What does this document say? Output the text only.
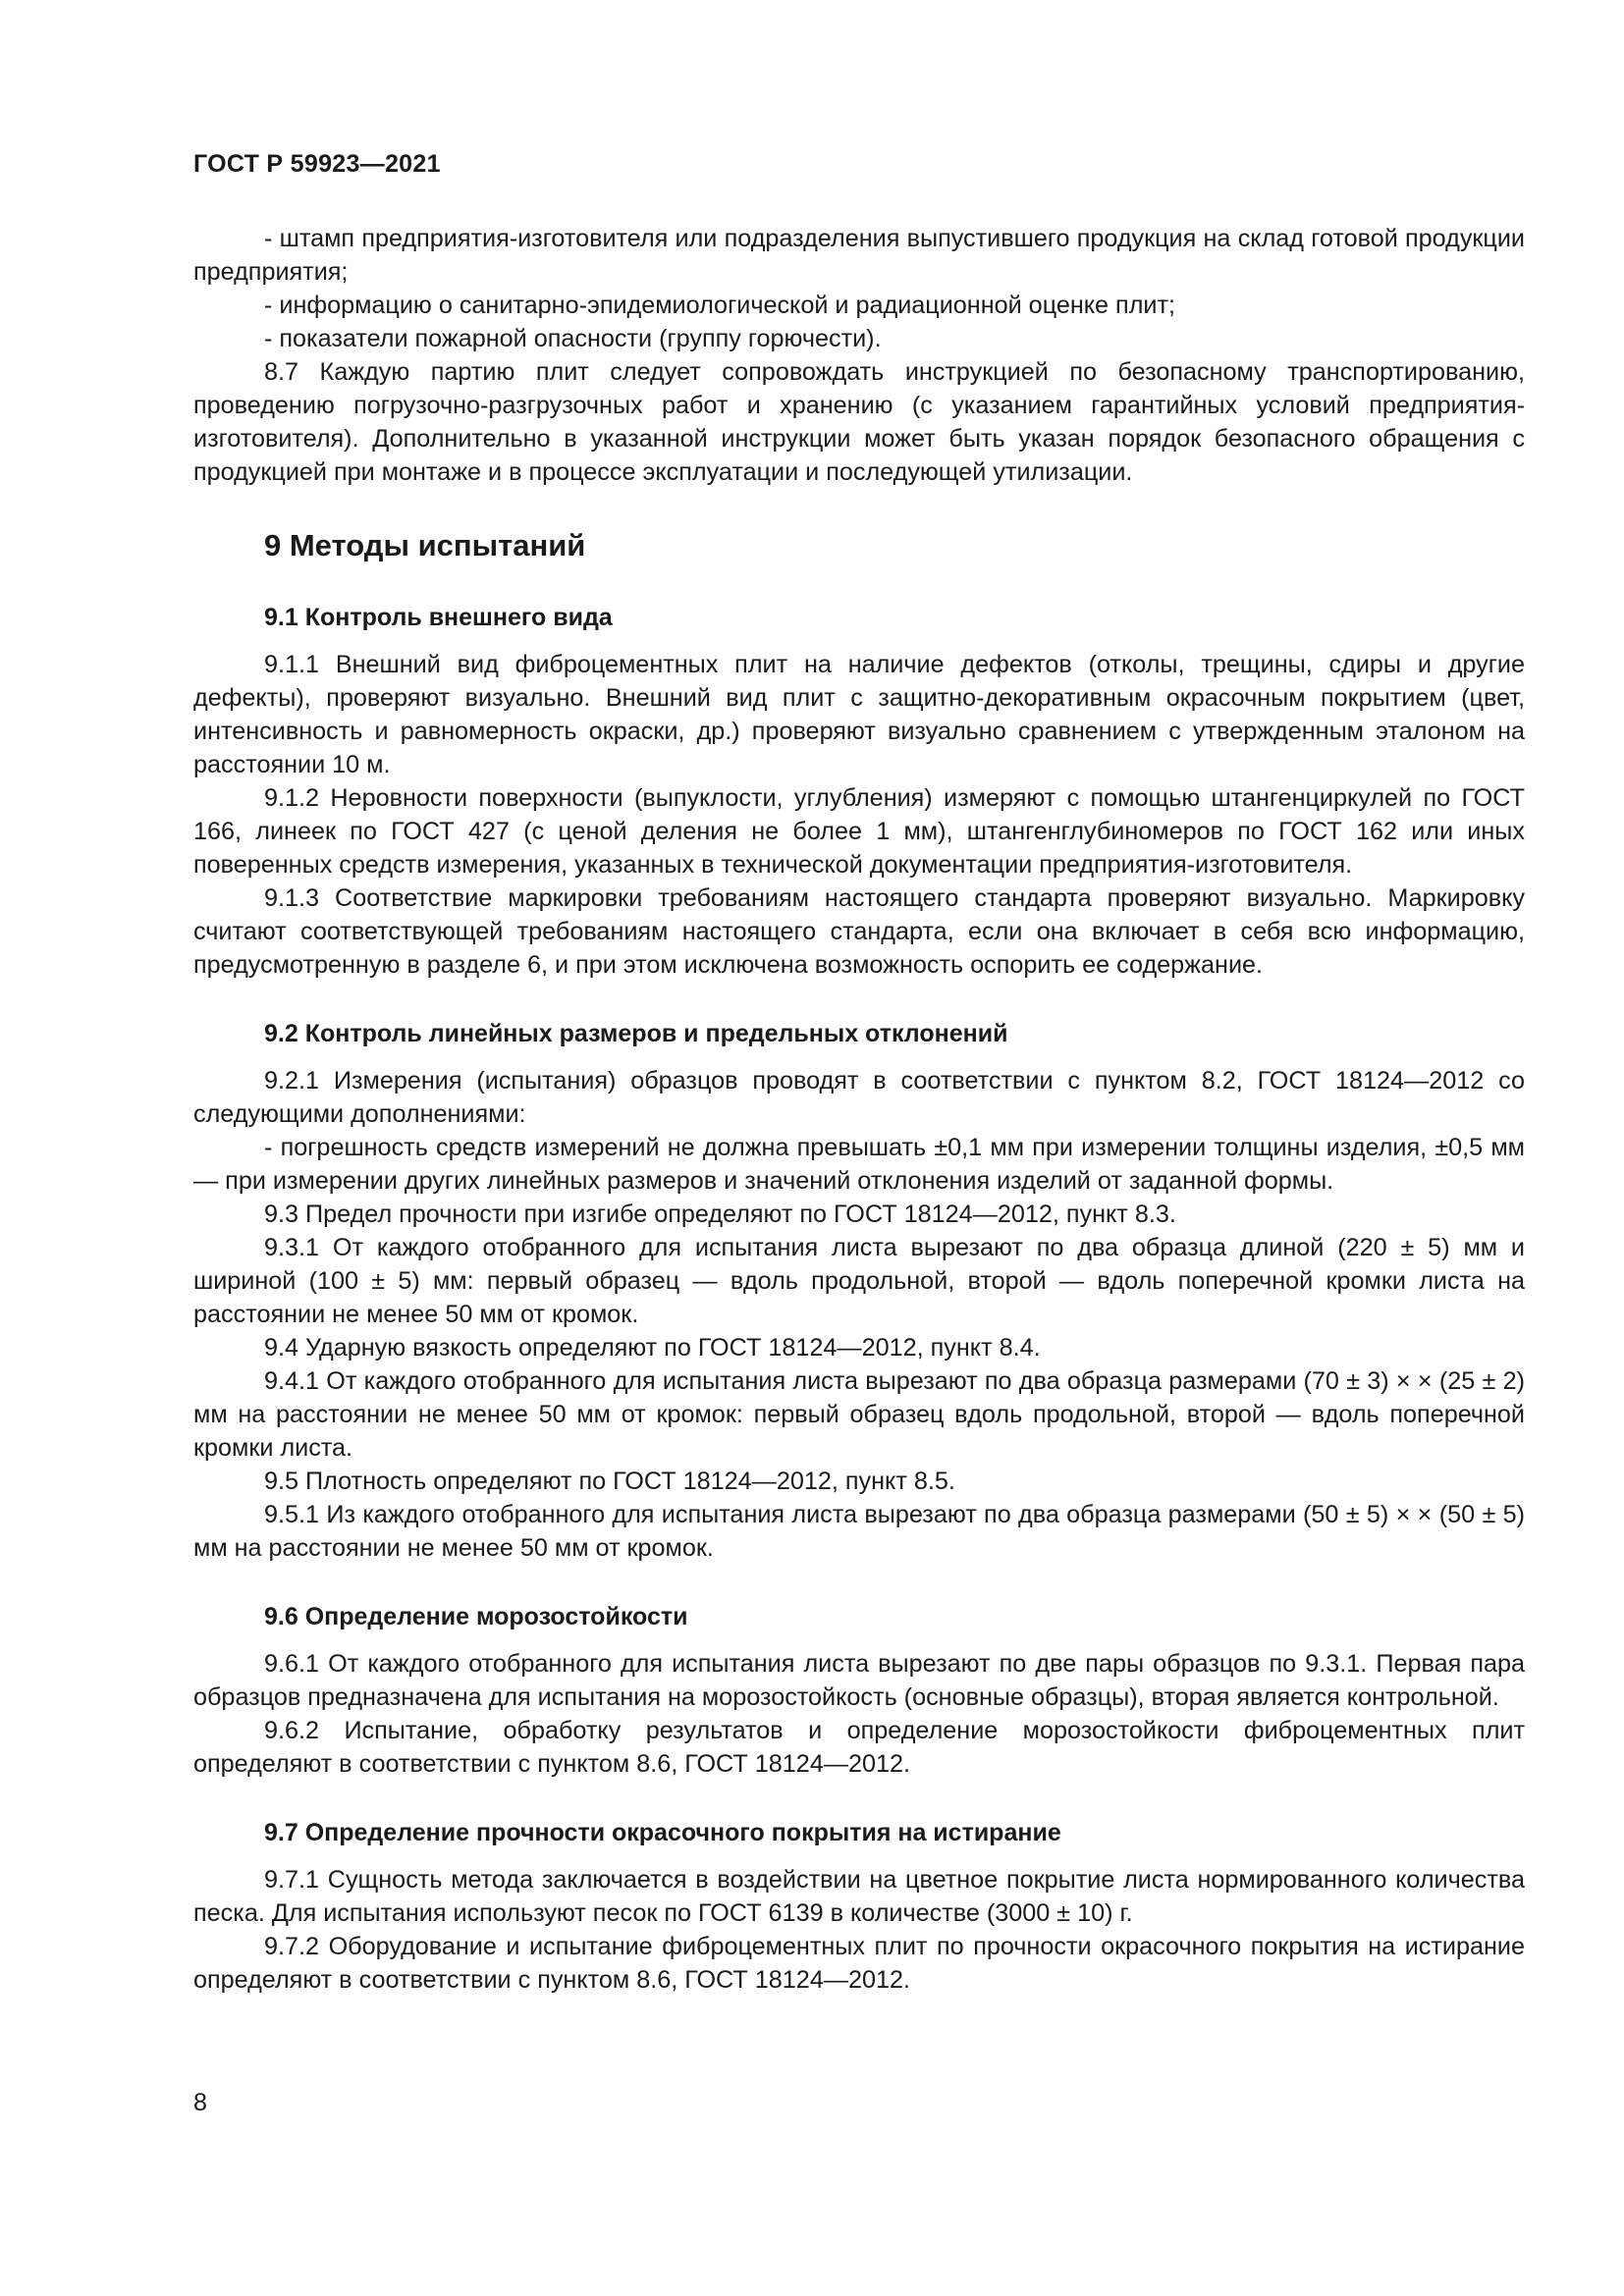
ГОСТ Р 59923—2021

- штамп предприятия-изготовителя или подразделения выпустившего продукция на склад готовой продукции предприятия;

- информацию о санитарно-эпидемиологической и радиационной оценке плит;

- показатели пожарной опасности (группу горючести).

8.7 Каждую партию плит следует сопровождать инструкцией по безопасному транспортированию, проведению погрузочно-разгрузочных работ и хранению (с указанием гарантийных условий предприятия-изготовителя). Дополнительно в указанной инструкции может быть указан порядок безопасного обращения с продукцией при монтаже и в процессе эксплуатации и последующей утилизации.

9 Методы испытаний
9.1 Контроль внешнего вида

9.1.1 Внешний вид фиброцементных плит на наличие дефектов (отколы, трещины, сдиры и другие дефекты), проверяют визуально. Внешний вид плит с защитно-декоративным окрасочным покрытием (цвет, интенсивность и равномерность окраски, др.) проверяют визуально сравнением с утвержденным эталоном на расстоянии 10 м.

9.1.2 Неровности поверхности (выпуклости, углубления) измеряют с помощью штангенциркулей по ГОСТ 166, линеек по ГОСТ 427 (с ценой деления не более 1 мм), штангенглубиномеров по ГОСТ 162 или иных поверенных средств измерения, указанных в технической документации предприятия-изготовителя.

9.1.3 Соответствие маркировки требованиям настоящего стандарта проверяют визуально. Маркировку считают соответствующей требованиям настоящего стандарта, если она включает в себя всю информацию, предусмотренную в разделе 6, и при этом исключена возможность оспорить ее содержание.

9.2 Контроль линейных размеров и предельных отклонений

9.2.1 Измерения (испытания) образцов проводят в соответствии с пунктом 8.2, ГОСТ 18124—2012 со следующими дополнениями:

- погрешность средств измерений не должна превышать ±0,1 мм при измерении толщины изделия, ±0,5 мм — при измерении других линейных размеров и значений отклонения изделий от заданной формы.

9.3 Предел прочности при изгибе определяют по ГОСТ 18124—2012, пункт 8.3.

9.3.1 От каждого отобранного для испытания листа вырезают по два образца длиной (220 ± 5) мм и шириной (100 ± 5) мм: первый образец — вдоль продольной, второй — вдоль поперечной кромки листа на расстоянии не менее 50 мм от кромок.

9.4 Ударную вязкость определяют по ГОСТ 18124—2012, пункт 8.4.

9.4.1 От каждого отобранного для испытания листа вырезают по два образца размерами (70 ± 3) × × (25 ± 2) мм на расстоянии не менее 50 мм от кромок: первый образец вдоль продольной, второй — вдоль поперечной кромки листа.

9.5 Плотность определяют по ГОСТ 18124—2012, пункт 8.5.

9.5.1 Из каждого отобранного для испытания листа вырезают по два образца размерами (50 ± 5) × × (50 ± 5) мм на расстоянии не менее 50 мм от кромок.

9.6 Определение морозостойкости

9.6.1 От каждого отобранного для испытания листа вырезают по две пары образцов по 9.3.1. Первая пара образцов предназначена для испытания на морозостойкость (основные образцы), вторая является контрольной.

9.6.2 Испытание, обработку результатов и определение морозостойкости фиброцементных плит определяют в соответствии с пунктом 8.6, ГОСТ 18124—2012.

9.7 Определение прочности окрасочного покрытия на истирание

9.7.1 Сущность метода заключается в воздействии на цветное покрытие листа нормированного количества песка. Для испытания используют песок по ГОСТ 6139 в количестве (3000 ± 10) г.

9.7.2 Оборудование и испытание фиброцементных плит по прочности окрасочного покрытия на истирание определяют в соответствии с пунктом 8.6, ГОСТ 18124—2012.

8
